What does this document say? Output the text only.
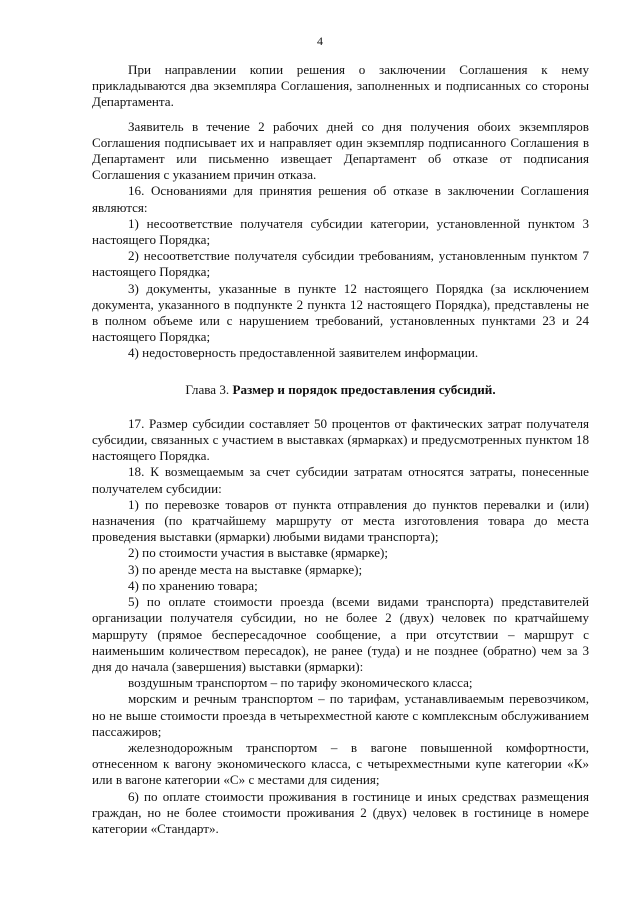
4

При направлении копии решения о заключении Соглашения к нему прикладываются два экземпляра Соглашения, заполненных и подписанных со стороны Департамента.

Заявитель в течение 2 рабочих дней со дня получения обоих экземпляров Соглашения подписывает их и направляет один экземпляр подписанного Соглашения в Департамент или письменно извещает Департамент об отказе от подписания Соглашения с указанием причин отказа.

16. Основаниями для принятия решения об отказе в заключении Соглашения являются:

1) несоответствие получателя субсидии категории, установленной пунктом 3 настоящего Порядка;

2) несоответствие получателя субсидии требованиям, установленным пунктом 7 настоящего Порядка;

3) документы, указанные в пункте 12 настоящего Порядка (за исключением документа, указанного в подпункте 2 пункта 12 настоящего Порядка), представлены не в полном объеме или с нарушением требований, установленных пунктами 23 и 24 настоящего Порядка;

4) недостоверность предоставленной заявителем информации.

Глава 3. Размер и порядок предоставления субсидий.

17. Размер субсидии составляет 50 процентов от фактических затрат получателя субсидии, связанных с участием в выставках (ярмарках) и предусмотренных пунктом 18 настоящего Порядка.

18. К возмещаемым за счет субсидии затратам относятся затраты, понесенные получателем субсидии:

1) по перевозке товаров от пункта отправления до пунктов перевалки и (или) назначения (по кратчайшему маршруту от места изготовления товара до места проведения выставки (ярмарки) любыми видами транспорта);

2) по стоимости участия в выставке (ярмарке);

3) по аренде места на выставке (ярмарке);

4) по хранению товара;

5) по оплате стоимости проезда (всеми видами транспорта) представителей организации получателя субсидии, но не более 2 (двух) человек по кратчайшему маршруту (прямое беспересадочное сообщение, а при отсутствии – маршрут с наименьшим количеством пересадок), не ранее (туда) и не позднее (обратно) чем за 3 дня до начала (завершения) выставки (ярмарки):

воздушным транспортом – по тарифу экономического класса;

морским и речным транспортом – по тарифам, устанавливаемым перевозчиком, но не выше стоимости проезда в четырехместной каюте с комплексным обслуживанием пассажиров;

железнодорожным транспортом – в вагоне повышенной комфортности, отнесенном к вагону экономического класса, с четырехместными купе категории «К» или в вагоне категории «С» с местами для сидения;

6) по оплате стоимости проживания в гостинице и иных средствах размещения граждан, но не более стоимости проживания 2 (двух) человек в гостинице в номере категории «Стандарт».
